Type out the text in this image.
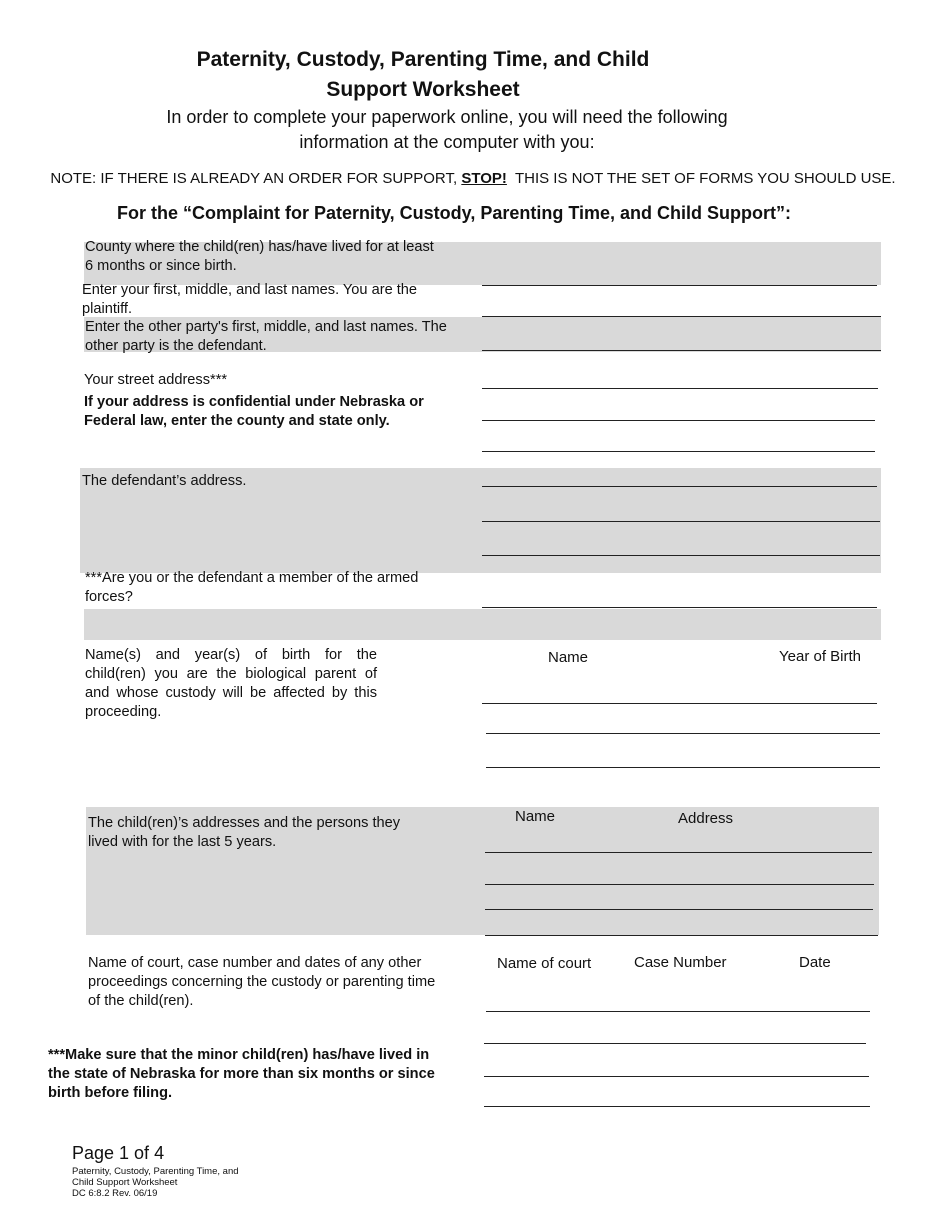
Paternity, Custody, Parenting Time, and Child
Support Worksheet
In order to complete your paperwork online, you will need the following
information at the computer with you:
NOTE: IF THERE IS ALREADY AN ORDER FOR SUPPORT, STOP!  THIS IS NOT THE SET OF FORMS YOU SHOULD USE.
For the “Complaint for Paternity, Custody, Parenting Time, and Child Support”:
County where the child(ren) has/have lived for at least 6 months or since birth.
Enter your first, middle, and last names. You are the plaintiff.
Enter the other party's first, middle, and last names. The other party is the defendant.
Your street address***
If your address is confidential under Nebraska or Federal law, enter the county and state only.
The defendant’s address.
***Are you or the defendant a member of the armed forces?
Name(s) and year(s) of birth for the child(ren) you are the biological parent of and whose custody will be affected by this proceeding.
The child(ren)’s addresses and the persons they lived with for the last 5 years.
Name of court, case number and dates of any other proceedings concerning the custody or parenting time of the child(ren).
***Make sure that the minor child(ren) has/have lived in the state of Nebraska for more than six months or since birth before filing.
Name	Year of Birth
Name	Address
Name of court	Case Number	Date
Page 1 of 4
Paternity, Custody, Parenting Time, and
Child Support Worksheet
DC 6:8.2 Rev. 06/19
